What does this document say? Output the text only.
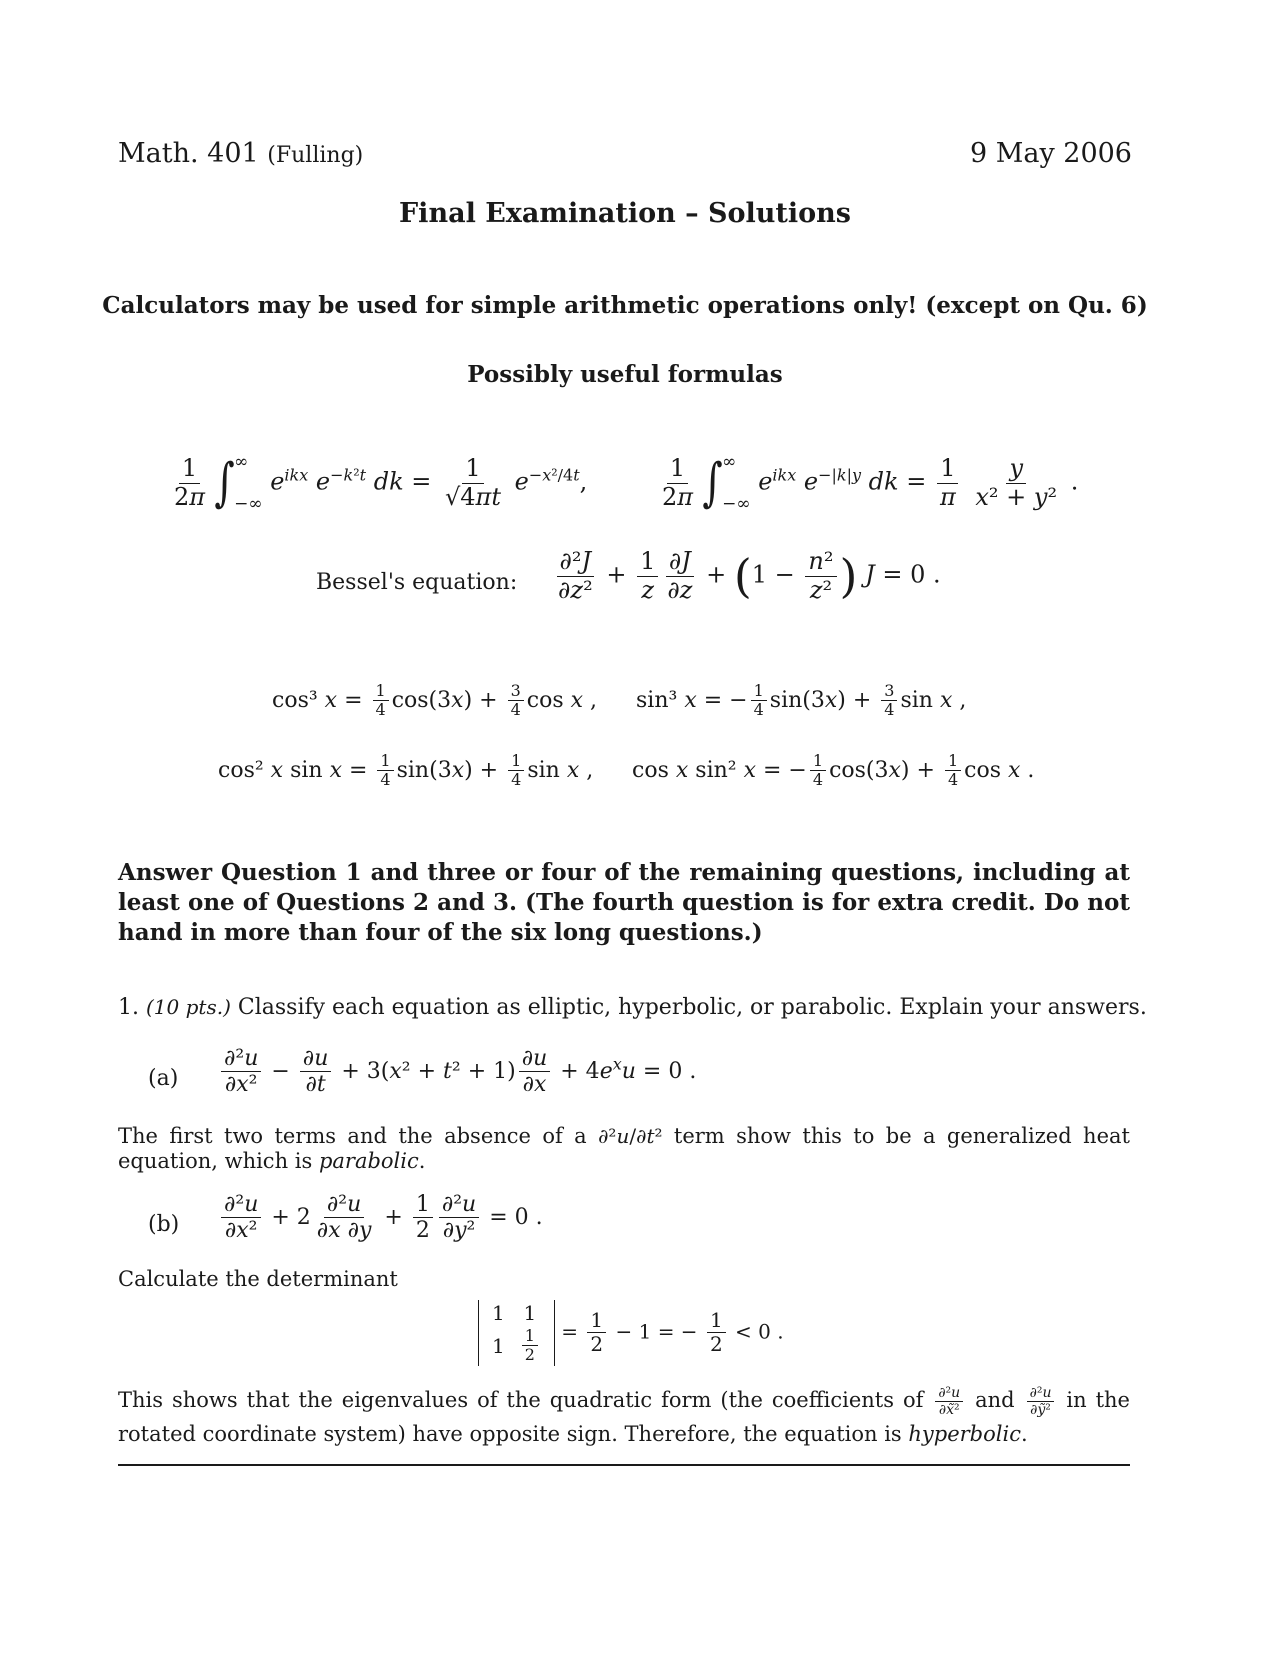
Math. 401 (Fulling)	9 May 2006
Final Examination – Solutions
Calculators may be used for simple arithmetic operations only! (except on Qu. 6)
Possibly useful formulas
$\frac{1}{2\pi}$ ∫ ∞
−∞
$e^{ikx}$ $e^{-k^2t}$ dk = $\frac{1}{√4\pi t} e^{-x^2/4t}$,	$\frac{1}{2\pi}$ ∫ ∞
−∞
$e^{ikx}$ $e^{-|k|y}$ dk = $\frac{1}{\pi}$
$\frac{y}{\text{x² + y²}}$ .
Bessel's equation: $\frac{\text{∂²J}}{\text{∂z²}} + \frac{1}{z} \frac{\partial J}{\partial z} + (1 - \frac{\text{n²}}{\text{z²}}$ ) J = 0 .
cos³ $x = \frac{1}{4} \cos(3x) + \frac{3}{4}$ cos x , sin³ x = − $\frac{1}{4} \sin(3x) + \frac{3}{4}$ sin x ,
cos² x $\sin x = \frac{1}{4} \sin(3x) + \frac{1}{4}$ sin x , cos x sin² x = − $\frac{1}{4} \cos(3x) + \frac{1}{4}$ cos x .
Answer Question 1 and three or four of the remaining questions, including at least one of Questions 2 and 3. (The fourth question is for extra credit. Do not hand in more than four of the six long questions.)
1. (10 pts.) Classify each equation as elliptic, hyperbolic, or parabolic. Explain your answers.
$(a) \frac{\text{∂²u}}{\text{∂x²}} - \frac{\partial u}{\partial t} + 3(x^2 + t^2 + 1) \frac{\partial u}{\partial x} + 4e^xu = 0$ .
The first two terms and the absence of a ∂²u/∂t² term show this to be a generalized heat equation, which is parabolic.
$(b) \frac{\text{∂²u}}{\text{∂x²}} + 2 \frac{\text{∂²u}}{\partial x \partial y} + \frac{1}{2} \frac{\text{∂²u}}{\text{∂y²}} = 0$ .
Calculate the determinant
1	1
1	$\frac{1}{2} = \frac{1}{2} - 1$ = − $\frac{1}{2} < 0$ .
This shows that the eigenvalues of the quadratic form (the coefficients of $\frac{\text{∂²u}}{\text{∂x̃²}}$ and $\frac{\text{∂²u}}{\text{∂ỹ²}}$ in the rotated coordinate system) have opposite sign. Therefore, the equation is hyperbolic.
